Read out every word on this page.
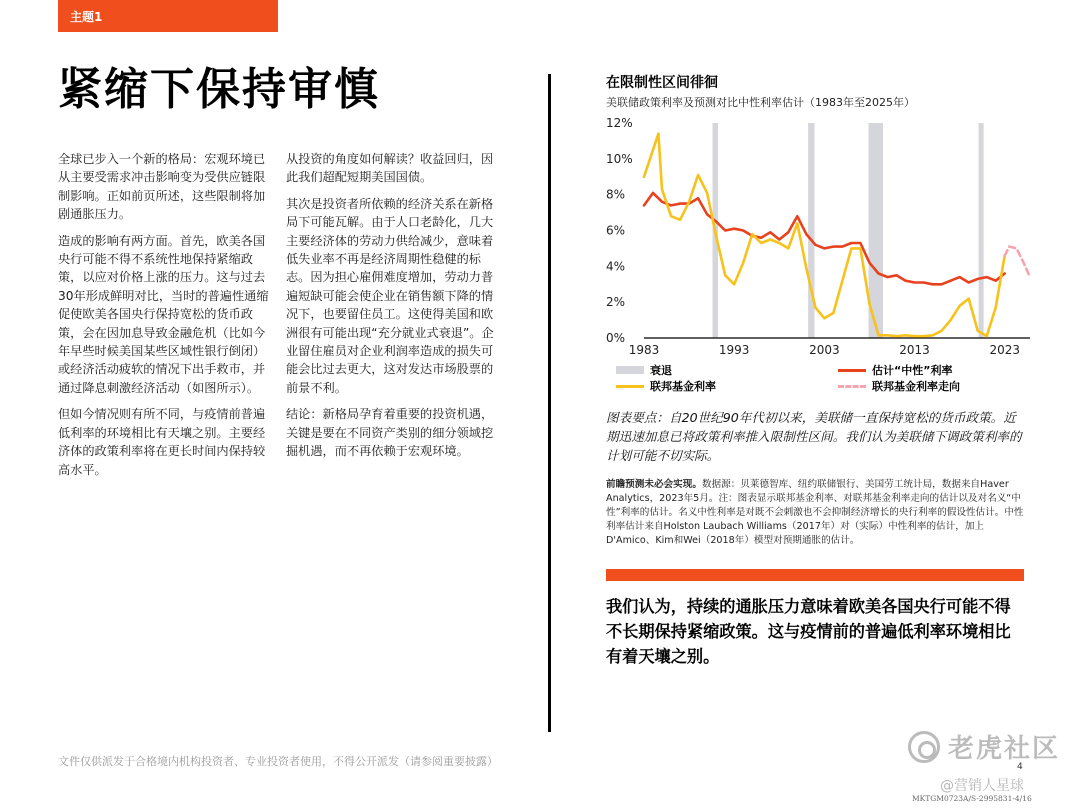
主题1
紧缩下保持审慎

全球已步入一个新的格局：宏观环境已从主要受需求冲击影响变为受供应链限制影响。正如前页所述，这些限制将加剧通胀压力。

造成的影响有两方面。首先，欧美各国央行可能不得不系统性地保持紧缩政策，以应对价格上涨的压力。这与过去30年形成鲜明对比，当时的普遍性通缩促使欧美各国央行保持宽松的货币政策，会在因加息导致金融危机（比如今年早些时候美国某些区域性银行倒闭）或经济活动疲软的情况下出手救市，并通过降息刺激经济活动（如图所示）。

但如今情况则有所不同，与疫情前普遍低利率的环境相比有天壤之别。主要经济体的政策利率将在更长时间内保持较高水平。

从投资的角度如何解读？收益回归，因此我们超配短期美国国债。

其次是投资者所依赖的经济关系在新格局下可能瓦解。由于人口老龄化，几大主要经济体的劳动力供给减少，意味着低失业率不再是经济周期性稳健的标志。因为担心雇佣难度增加，劳动力普遍短缺可能会使企业在销售额下降的情况下，也要留住员工。这使得美国和欧洲很有可能出现“充分就业式衰退”。企业留住雇员对企业利润率造成的损失可能会比过去更大，这对发达市场股票的前景不利。

结论：新格局孕育着重要的投资机遇，关键是要在不同资产类别的细分领域挖掘机遇，而不再依赖于宏观环境。

在限制性区间徘徊
美联储政策利率及预测对比中性利率估计（1983年至2025年）
12%
10%
8%
6%
4%
2%
0%
1983	1993	2003	2013	2023
衰退
联邦基金利率
估计“中性”利率
联邦基金利率走向
图表要点：自20世纪90年代初以来，美联储一直保持宽松的货币政策。近期迅速加息已将政策利率推入限制性区间。我们认为美联储下调政策利率的计划可能不切实际。
前瞻预测未必会实现。数据源：贝莱德智库、纽约联储银行、美国劳工统计局，数据来自Haver Analytics，2023年5月。注：图表显示联邦基金利率、对联邦基金利率走向的估计以及对名义“中性”利率的估计。名义中性利率是对既不会刺激也不会抑制经济增长的央行利率的假设性估计。中性利率估计来自Holston Laubach Williams（2017年）对（实际）中性利率的估计，加上D'Amico、Kim和Wei（2018年）模型对预期通胀的估计。
我们认为，持续的通胀压力意味着欧美各国央行可能不得不长期保持紧缩政策。这与疫情前的普遍低利率环境相比有着天壤之别。
4
文件仅供派发于合格境内机构投资者、专业投资者使用，不得公开派发（请参阅重要披露）	老虎社区
@营销人星球
MKTGM0723A/S-2995831-4/16
